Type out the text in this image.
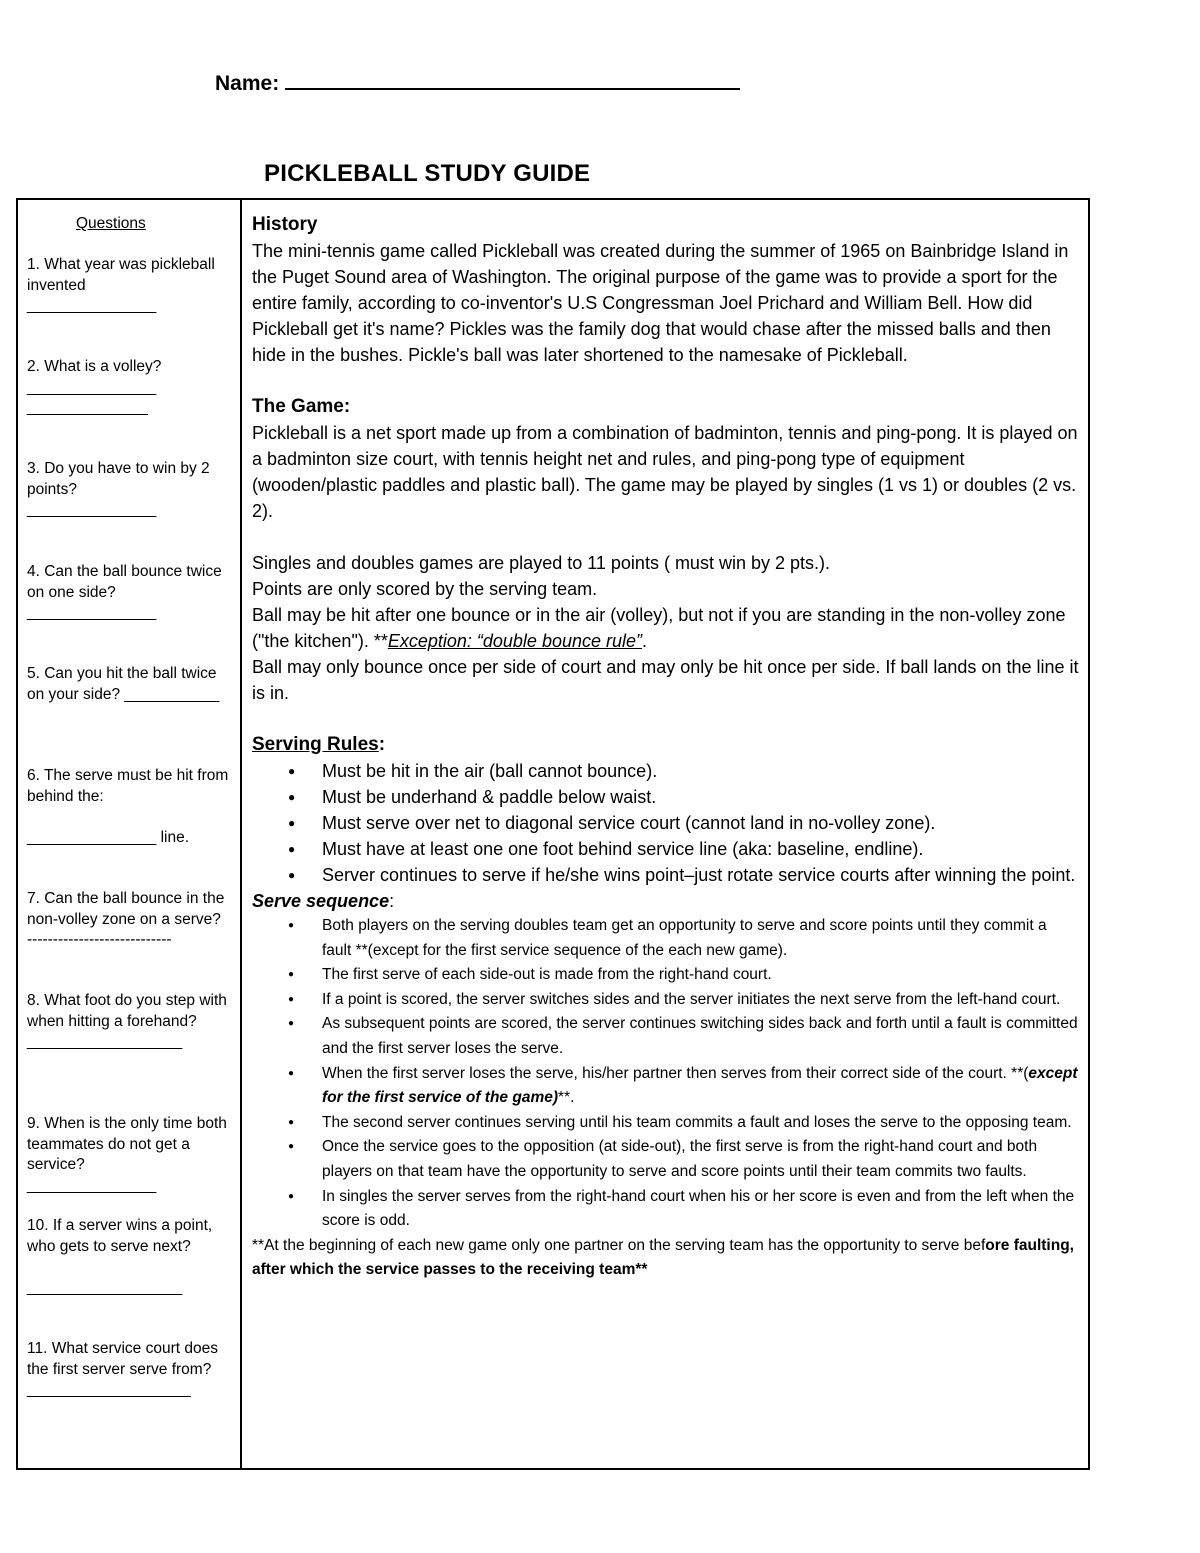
Name:
PICKLEBALL STUDY GUIDE
Questions
1. What year was pickleball invented
_______________
2. What is a volley?
_______________ ______________
3. Do you have to win by 2 points?
_______________
4. Can the ball bounce twice on one side?
_______________
5. Can you hit the ball twice on your side? ___________
6. The serve must be hit from behind the:

_______________ line.
7. Can the ball bounce in the non-volley zone on a serve?
----------------------------
8. What foot do you step with when hitting a forehand?
__________________
9. When is the only time both teammates do not get a service?
_______________
10. If a server wins a point, who gets to serve next?

__________________
11. What service court does the first server serve from?
___________________

History

The mini-tennis game called Pickleball was created during the summer of 1965 on Bainbridge Island in the Puget Sound area of Washington. The original purpose of the game was to provide a sport for the entire family, according to co-inventor's U.S Congressman Joel Prichard and William Bell. How did Pickleball get it's name? Pickles was the family dog that would chase after the missed balls and then hide in the bushes. Pickle's ball was later shortened to the namesake of Pickleball.

The Game:

Pickleball is a net sport made up from a combination of badminton, tennis and ping-pong. It is played on a badminton size court, with tennis height net and rules, and ping-pong type of equipment (wooden/plastic paddles and plastic ball). The game may be played by singles (1 vs 1) or doubles (2 vs. 2).

Singles and doubles games are played to 11 points ( must win by 2 pts.).

Points are only scored by the serving team.

Ball may be hit after one bounce or in the air (volley), but not if you are standing in the non-volley zone ("the kitchen"). **Exception: “double bounce rule”.

Ball may only bounce once per side of court and may only be hit once per side. If ball lands on the line it is in.

Serving Rules:

● Must be hit in the air (ball cannot bounce).
● Must be underhand & paddle below waist.
● Must serve over net to diagonal service court (cannot land in no-volley zone).
● Must have at least one one foot behind service line (aka: baseline, endline).
● Server continues to serve if he/she wins point–just rotate service courts after winning the point.

Serve sequence:

● Both players on the serving doubles team get an opportunity to serve and score points until they commit a fault **(except for the first service sequence of the each new game).
● The first serve of each side-out is made from the right-hand court.
● If a point is scored, the server switches sides and the server initiates the next serve from the left-hand court.
● As subsequent points are scored, the server continues switching sides back and forth until a fault is committed and the first server loses the serve.
● When the first server loses the serve, his/her partner then serves from their correct side of the court. **(except for the first service of the game)**.
● The second server continues serving until his team commits a fault and loses the serve to the opposing team.
● Once the service goes to the opposition (at side-out), the first serve is from the right-hand court and both players on that team have the opportunity to serve and score points until their team commits two faults.
● In singles the server serves from the right-hand court when his or her score is even and from the left when the score is odd.

**At the beginning of each new game only one partner on the serving team has the opportunity to serve before faulting, after which the service passes to the receiving team**
